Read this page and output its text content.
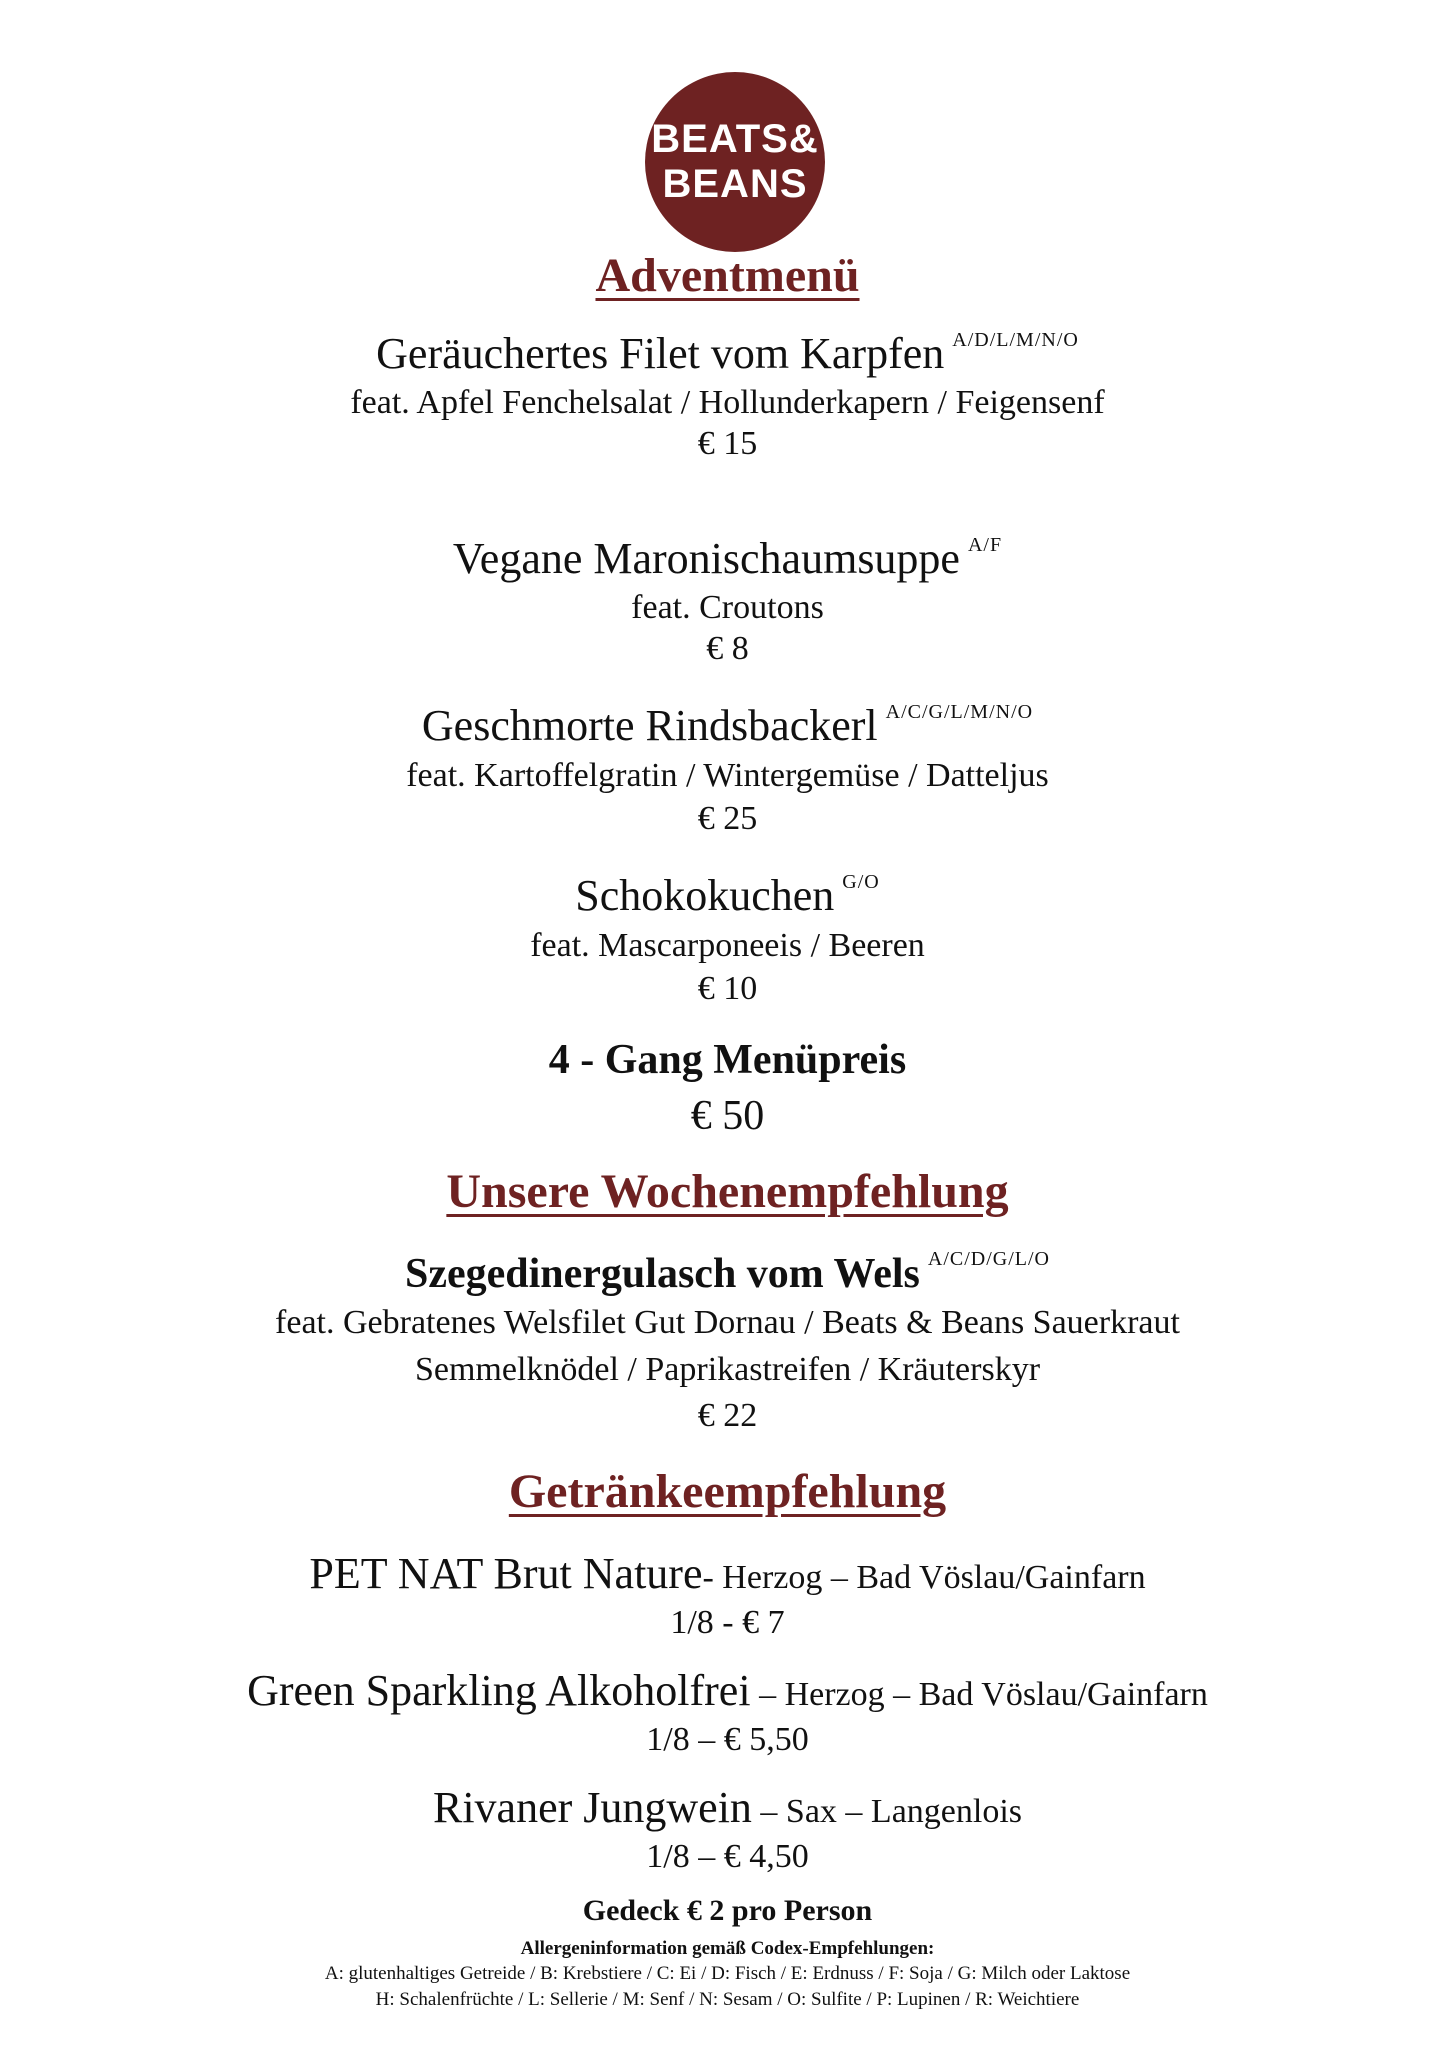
BEATS&
BEANS
Adventmenü
Geräuchertes Filet vom Karpfen $^{A/D/L/M/N/O}$
feat. Apfel Fenchelsalat / Hollunderkapern / Feigensenf
€ 15
Vegane Maronischaumsuppe $^{A/F}$
feat. Croutons
€ 8
Geschmorte Rindsbackerl $^{A/C/G/L/M/N/O}$
feat. Kartoffelgratin / Wintergemüse / Datteljus
€ 25
Schokokuchen $^{G/O}$
feat. Mascarponeeis / Beeren
€ 10
4 - Gang Menüpreis
€ 50
Unsere Wochenempfehlung
Szegedinergulasch vom Wels $^{A/C/D/G/L/O}$
feat. Gebratenes Welsfilet Gut Dornau / Beats & Beans Sauerkraut
Semmelknödel / Paprikastreifen / Kräuterskyr
€ 22
Getränkeempfehlung
PET NAT Brut Nature- Herzog – Bad Vöslau/Gainfarn
1/8 - € 7
Green Sparkling Alkoholfrei – Herzog – Bad Vöslau/Gainfarn
1/8 – € 5,50
Rivaner Jungwein – Sax – Langenlois
1/8 – € 4,50
Gedeck € 2 pro Person
Allergeninformation gemäß Codex-Empfehlungen:
A: glutenhaltiges Getreide / B: Krebstiere / C: Ei / D: Fisch / E: Erdnuss / F: Soja / G: Milch oder Laktose
H: Schalenfrüchte / L: Sellerie / M: Senf / N: Sesam / O: Sulfite / P: Lupinen / R: Weichtiere
